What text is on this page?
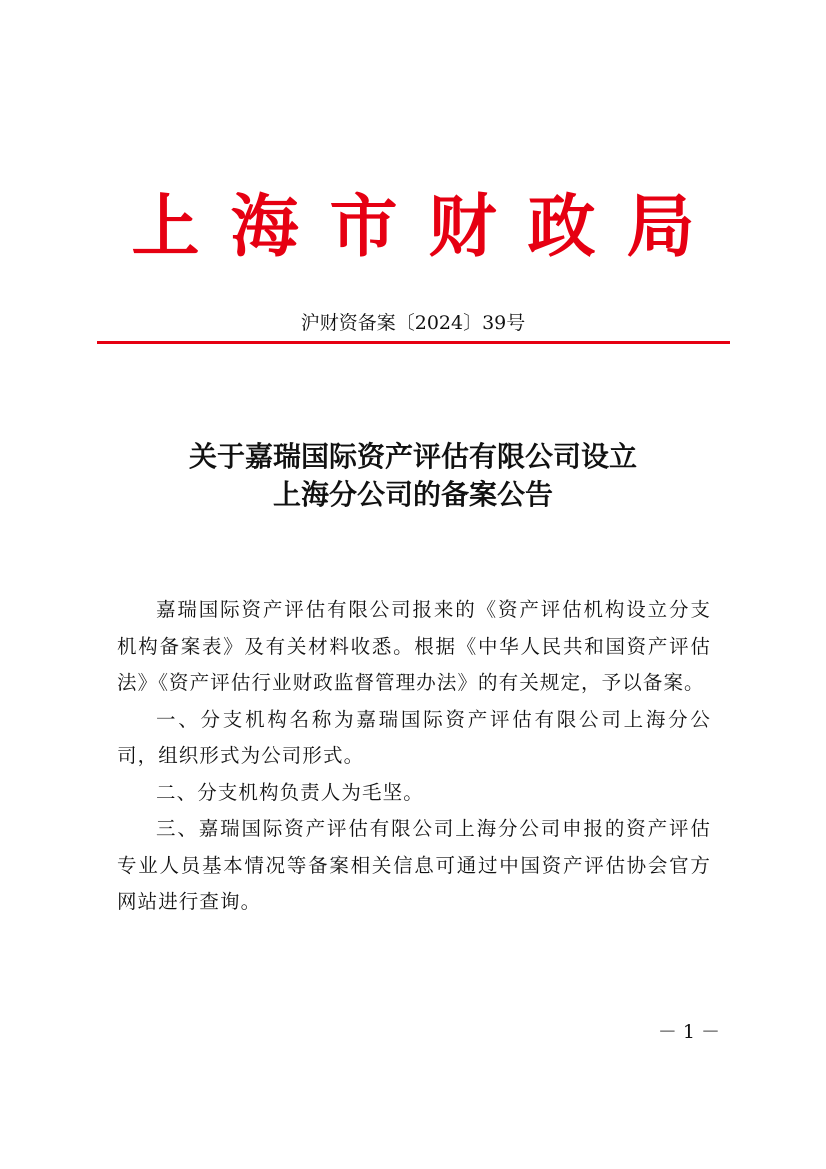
上海市财政局
沪财资备案〔2024〕39号
关于嘉瑞国际资产评估有限公司设立
上海分公司的备案公告

嘉瑞国际资产评估有限公司报来的《资产评估机构设立分支机构备案表》及有关材料收悉。根据《中华人民共和国资产评估法》《资产评估行业财政监督管理办法》的有关规定，予以备案。

一、分支机构名称为嘉瑞国际资产评估有限公司上海分公司，组织形式为公司形式。

二、分支机构负责人为毛坚。

三、嘉瑞国际资产评估有限公司上海分公司申报的资产评估专业人员基本情况等备案相关信息可通过中国资产评估协会官方网站进行查询。

－ 1 －
